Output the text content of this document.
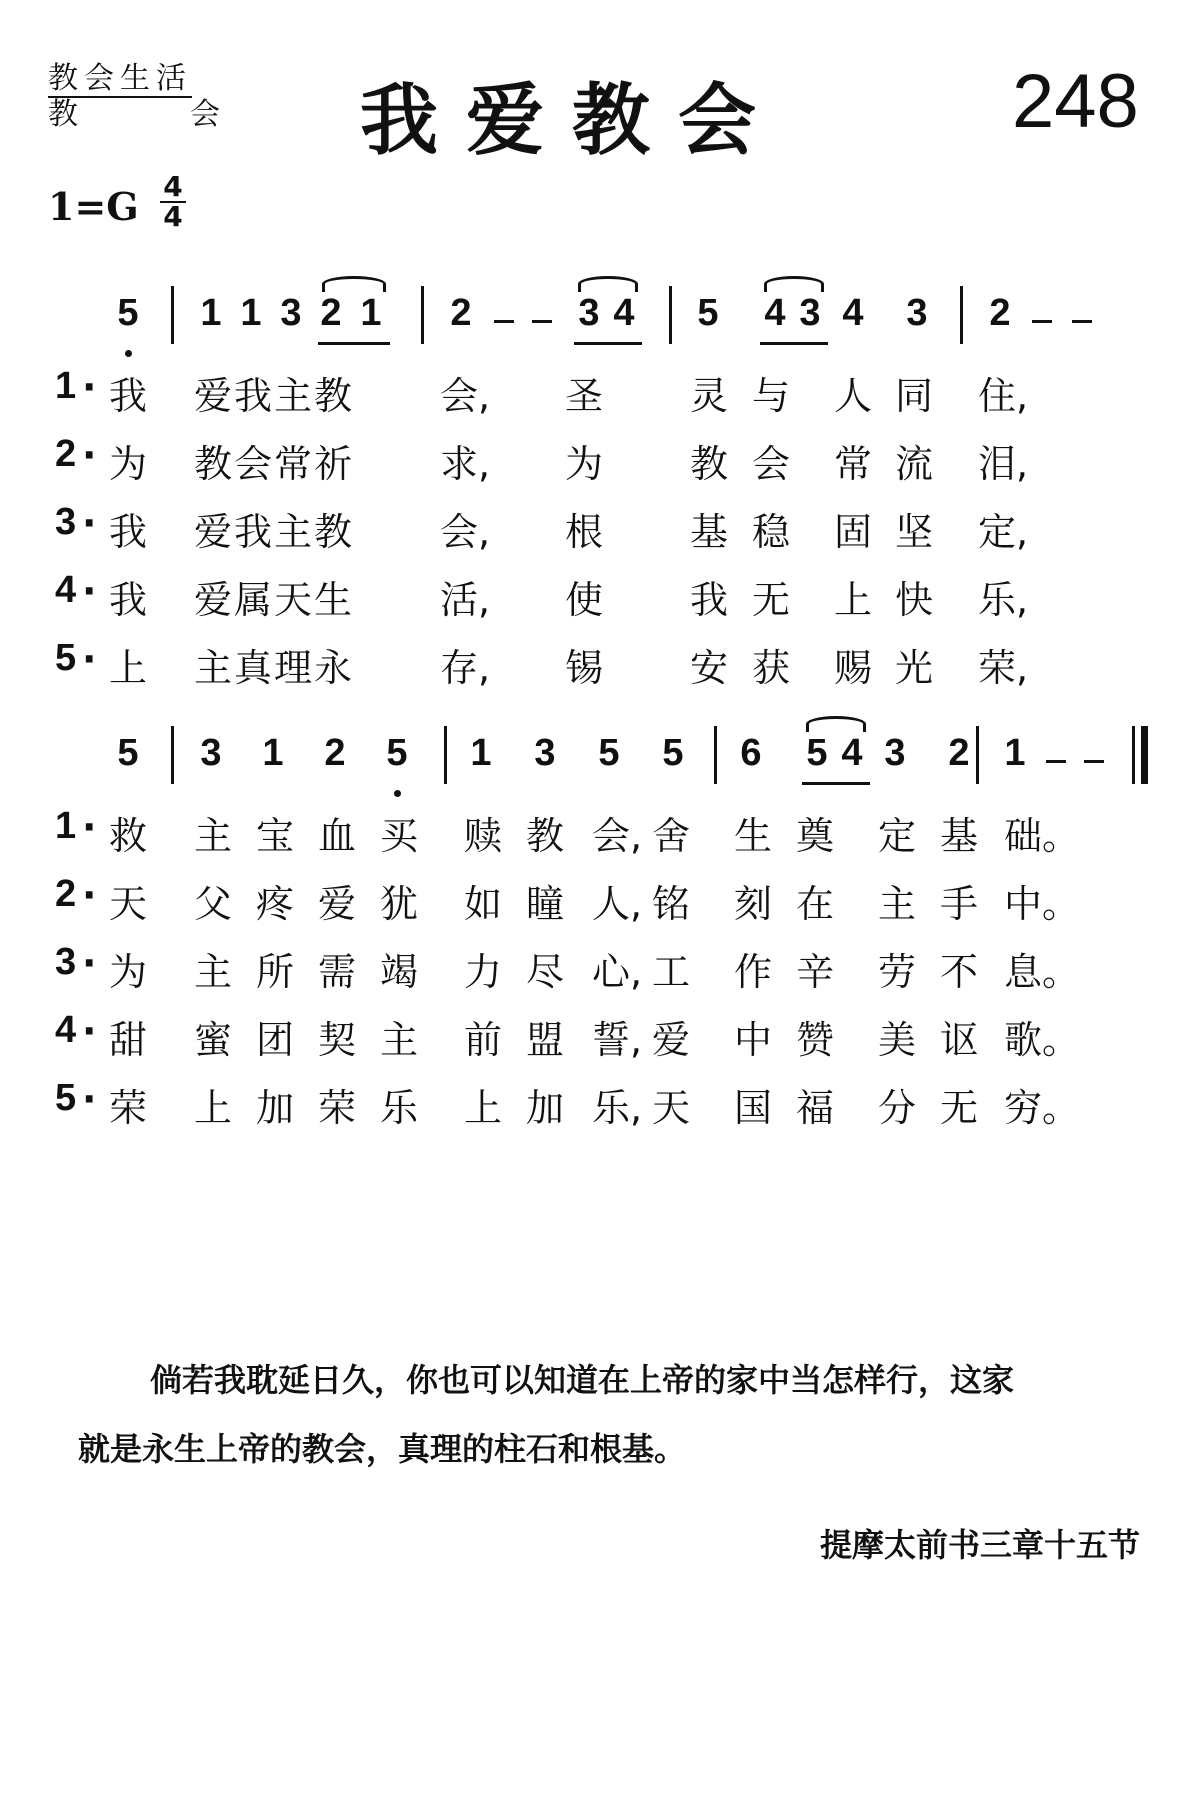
教会生活
教	会 我爱教会	248
1=G 4
4
5 1 1 3 2 1 2	3 4 5 4 3 4 3 2
1 · 我 爱 我 主 教 会, 圣 灵 与 人 同 住,
2 · 为 教 会 常 祈 求, 为 教 会 常 流 泪,
3 · 我 爱 我 主 教 会, 根 基 稳 固 坚 定,
4 · 我 爱 属 天 生 活, 使 我 无 上 快 乐,
5 · 上 主 真 理 永 存, 锡 安 获 赐 光 荣,
5 3 1 2 5 1 3 5 5 6 5 4 3 2 1
1 · 救 主 宝 血 买 赎 教 会, 舍 生 奠 定 基 础。
2 · 天 父 疼 爱 犹 如 瞳 人, 铭 刻 在 主 手 中。
3 · 为 主 所 需 竭 力 尽 心, 工 作 辛 劳 不 息。
4 · 甜 蜜 团 契 主 前 盟 誓, 爱 中 赞 美 讴 歌。
5 · 荣 上 加 荣 乐 上 加 乐, 天 国 福 分 无 穷。
倘若我耽延日久，你也可以知道在上帝的家中当怎样行，这家
就是永生上帝的教会，真理的柱石和根基。
提摩太前书三章十五节
